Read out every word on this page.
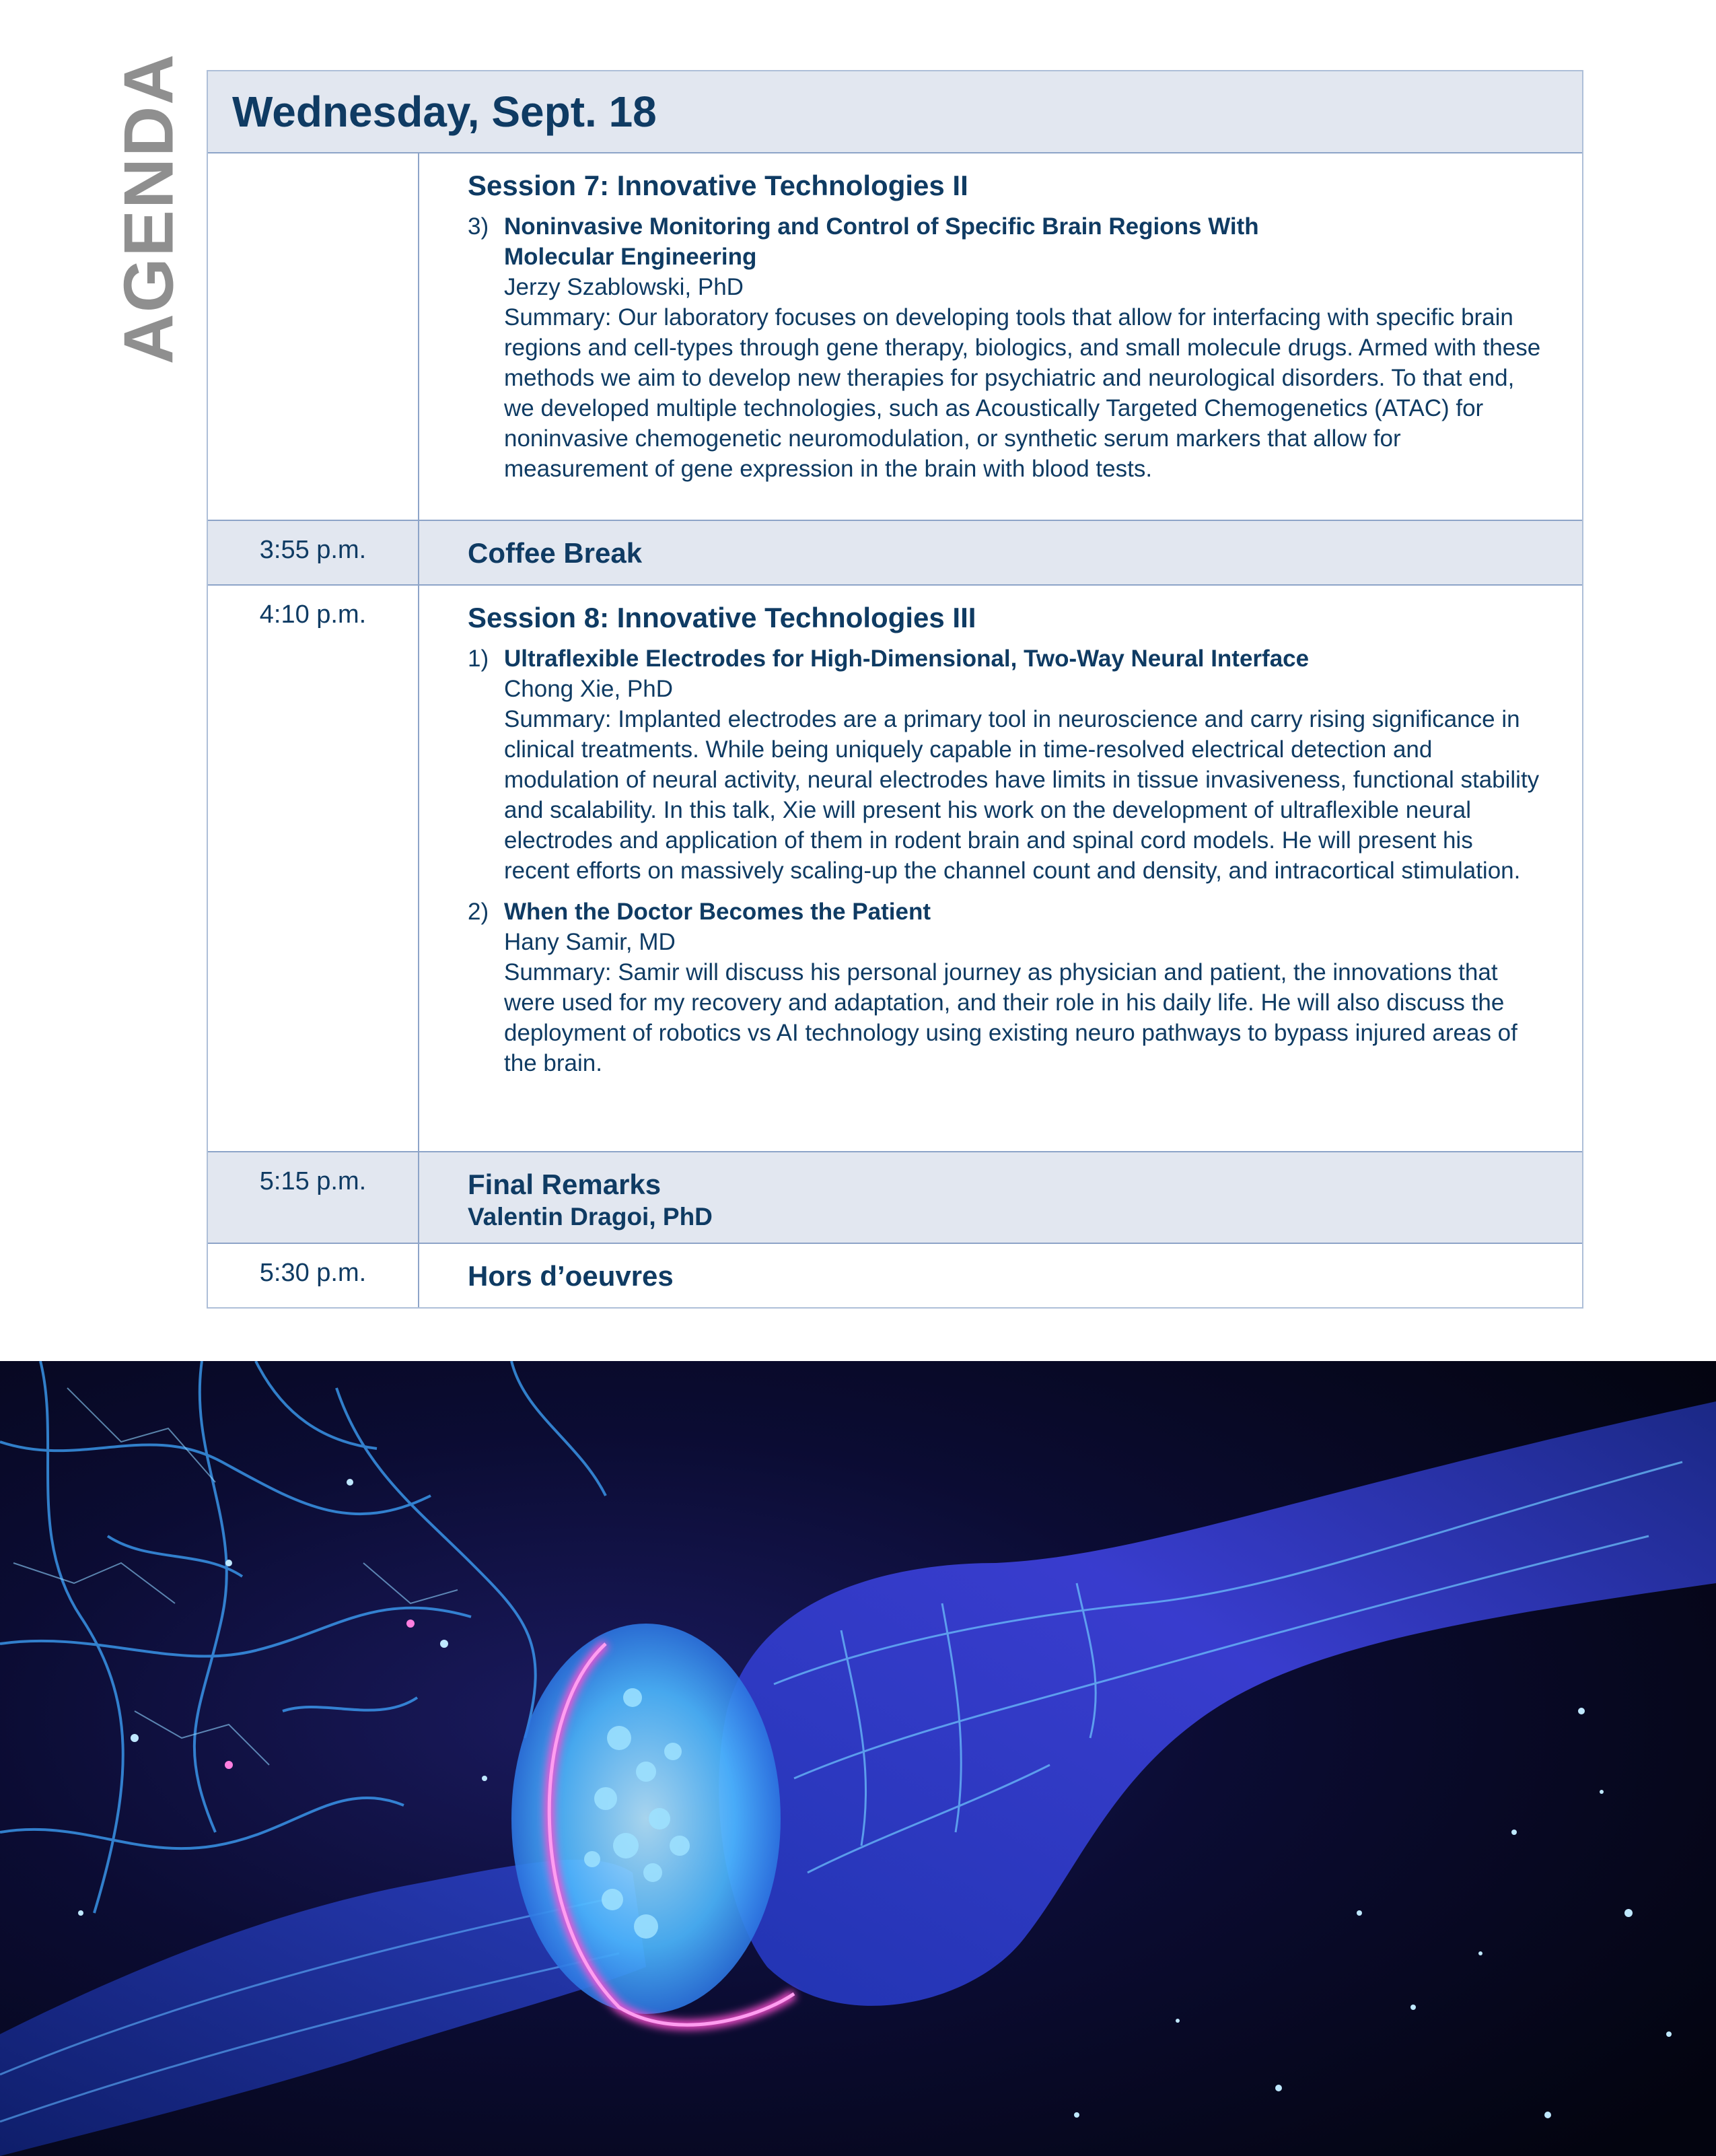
AGENDA Wednesday, Sept. 18
Session 7: Innovative Technologies II
3) Noninvasive Monitoring and Control of Specific Brain Regions With Molecular Engineering
Jerzy Szablowski, PhD
Summary: Our laboratory focuses on developing tools that allow for interfacing with specific brain regions and cell-types through gene therapy, biologics, and small molecule drugs. Armed with these methods we aim to develop new therapies for psychiatric and neurological disorders. To that end, we developed multiple technologies, such as Acoustically Targeted Chemogenetics (ATAC) for noninvasive chemogenetic neuromodulation, or synthetic serum markers that allow for measurement of gene expression in the brain with blood tests.
3:55 p.m.	Coffee Break
4:10 p.m.	Session 8: Innovative Technologies III
1) Ultraflexible Electrodes for High-Dimensional, Two-Way Neural Interface
Chong Xie, PhD
Summary: Implanted electrodes are a primary tool in neuroscience and carry rising significance in clinical treatments. While being uniquely capable in time-resolved electrical detection and modulation of neural activity, neural electrodes have limits in tissue invasiveness, functional stability and scalability. In this talk, Xie will present his work on the development of ultraflexible neural electrodes and application of them in rodent brain and spinal cord models. He will present his recent efforts on massively scaling-up the channel count and density, and intracortical stimulation.
2) When the Doctor Becomes the Patient
Hany Samir, MD
Summary: Samir will discuss his personal journey as physician and patient, the innovations that were used for my recovery and adaptation, and their role in his daily life. He will also discuss the deployment of robotics vs AI technology using existing neuro pathways to bypass injured areas of the brain.
5:15 p.m.	Final Remarks
Valentin Dragoi, PhD
5:30 p.m.	Hors d’oeuvres
